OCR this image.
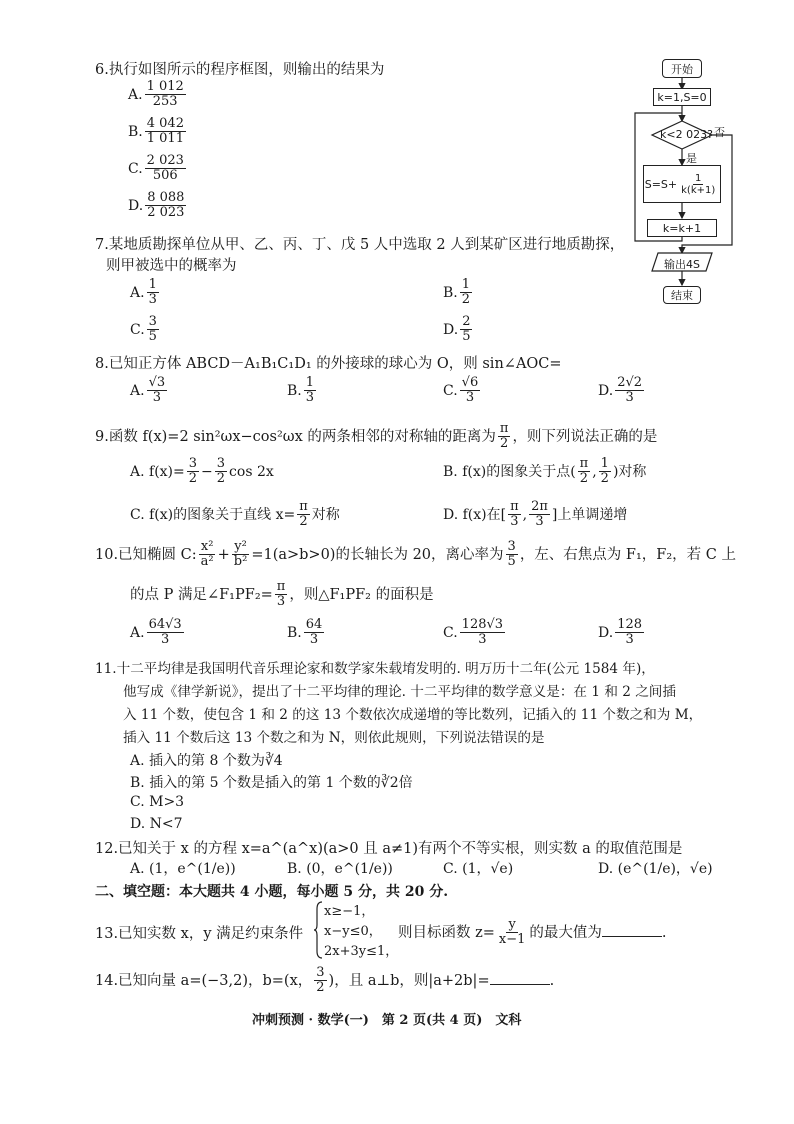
6.执行如图所示的程序框图，则输出的结果为
A. $\frac{1 012}{253}$
B. $\frac{4 042}{1 011}$
C. $\frac{2 023}{506}$
D. $\frac{8 088}{2 023}$
开始
k=1,S=0
k<2 023? 否
是
$S=S+ \frac{1}{k(k+1)}$
k=k+1
输出4S
结束
7.某地质勘探单位从甲、乙、丙、丁、戊 5 人中选取 2 人到某矿区进行地质勘探，
则甲被选中的概率为
A. $\frac{1}{3}$	B. $\frac{1}{2}$
C. $\frac{3}{5}$	D. $\frac{2}{5}$
8.已知正方体 ABCD－A₁B₁C₁D₁ 的外接球的球心为 O，则 sin∠AOC=
A. $\frac{√3}{3}$	B. $\frac{1}{3}$	C. $\frac{√6}{3}$	D. $\frac{2√2}{3}$
9.函数 f(x)=2 sin²ωx−cos²ωx 的两条相邻的对称轴的距离为 $\frac{\pi}{2}$ ，则下列说法正确的是
A. $f(x)= \frac{3}{2} - \frac{3}{2}$ cos 2x	B. f(x)的图象关于点( $\frac{\pi}{2}$ , $\frac{1}{2}$ )对称
C. f(x)的图象关于直线 $x= \frac{\pi}{2}$ 对称	D. f(x)在[ $\frac{\pi}{3}$ , $\frac{2\pi}{3}$ ]上单调递增
10.已知椭圆 C: $\frac{\text{x²}}{\text{a²}} + \frac{\text{y²}}{\text{b²}} =1(a>b>0)$的长轴长为 20，离心率为 $\frac{3}{5}$ ，左、右焦点为 F₁，F₂，若 C 上
的点 P 满足∠F₁PF₂= $\frac{\pi}{3}$ ，则△F₁PF₂ 的面积是
A. $\frac{64√3}{3}$	B. $\frac{64}{3}$	C. $\frac{128√3}{3}$	D. $\frac{128}{3}$
11.十二平均律是我国明代音乐理论家和数学家朱载堉发明的. 明万历十二年(公元 1584 年)，
他写成《律学新说》，提出了十二平均律的理论. 十二平均律的数学意义是：在 1 和 2 之间插
入 11 个数，使包含 1 和 2 的这 13 个数依次成递增的等比数列，记插入的 11 个数之和为 M，
插入 11 个数后这 13 个数之和为 N，则依此规则，下列说法错误的是
A. 插入的第 8 个数为∛4
B. 插入的第 5 个数是插入的第 1 个数的∛2倍
C. M>3
D. N<7
12.已知关于 x 的方程 x=a^(a^x)(a>0 且 a≠1)有两个不等实根，则实数 a 的取值范围是
A. (1，e^(1/e))	B. (0，e^(1/e))	C. (1，√e)	D. (e^(1/e)，√e)
二、填空题：本大题共 4 小题，每小题 5 分，共 20 分.
13.已知实数 x，y 满足约束条件
x≥−1，
x−y≤0，
2x+3y≤1，
则目标函数 $z= \frac{y}{x-1}$ 的最大值为	.
14.已知向量 a=(−3,2)，b=(x， $\frac{3}{2}$ )，且 a⊥b，则|a+2b|=	.
冲刺预测 · 数学(一)　第 2 页(共 4 页)　文科
